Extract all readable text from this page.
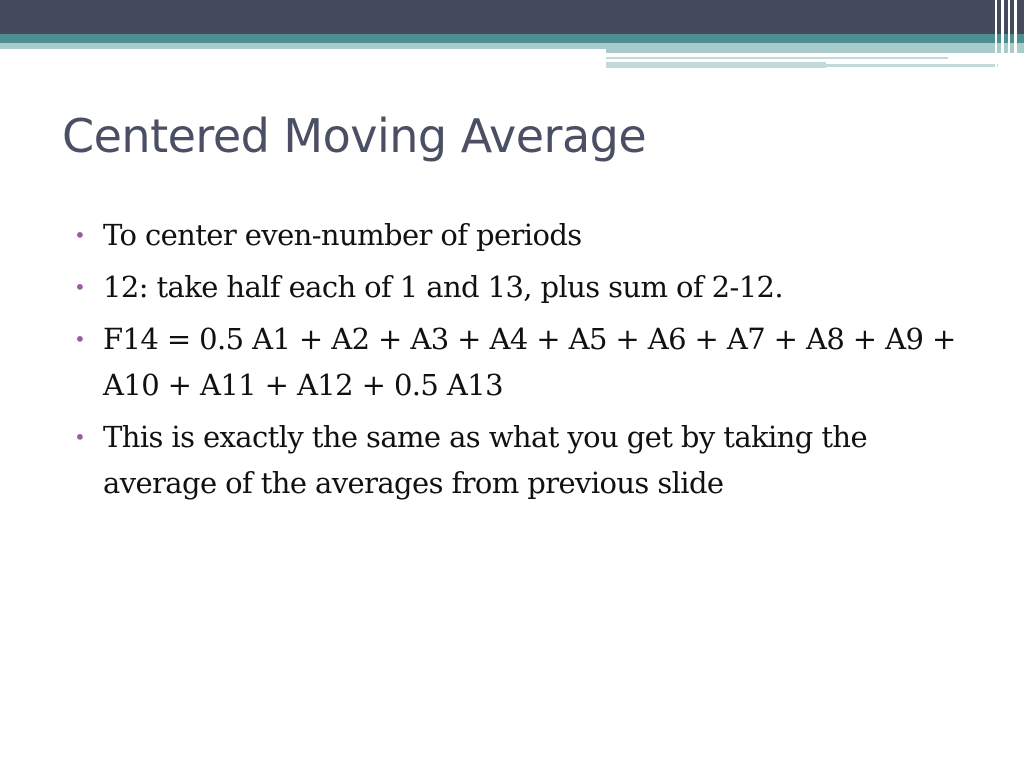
Centered Moving Average
• To center even-number of periods
• 12: take half each of 1 and 13, plus sum of 2-12.
• F14 = 0.5 A1 + A2 + A3 + A4 + A5 + A6 + A7 + A8 + A9 + A10 + A11 + A12 + 0.5 A13
• This is exactly the same as what you get by taking the average of the averages from previous slide
